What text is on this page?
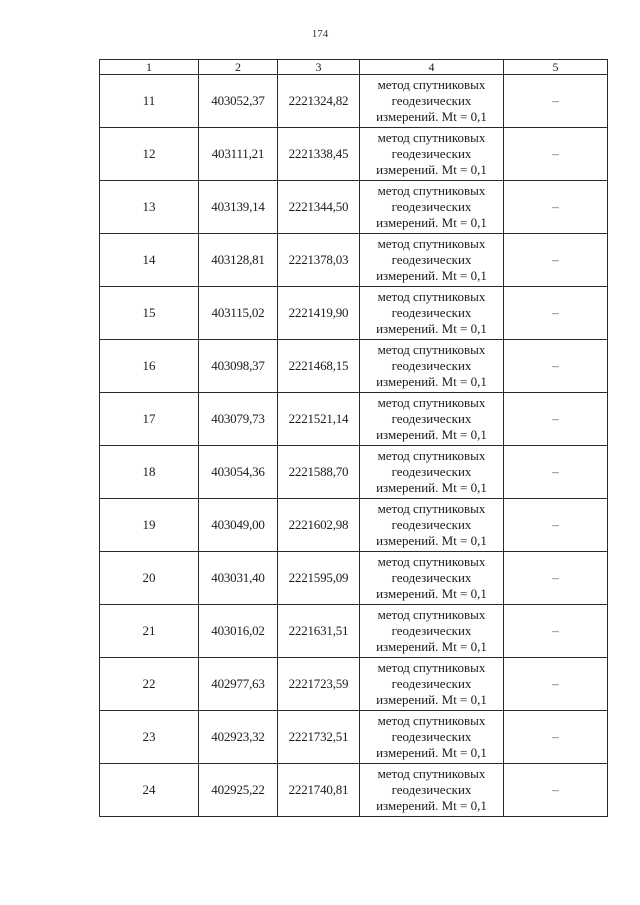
174
1	2	3	4	5
11	403052,37	2221324,82	метод спутниковых
геодезических
измерений. Mt = 0,1	–
12	403111,21	2221338,45	метод спутниковых
геодезических
измерений. Mt = 0,1	–
13	403139,14	2221344,50	метод спутниковых
геодезических
измерений. Mt = 0,1	–
14	403128,81	2221378,03	метод спутниковых
геодезических
измерений. Mt = 0,1	–
15	403115,02	2221419,90	метод спутниковых
геодезических
измерений. Mt = 0,1	–
16	403098,37	2221468,15	метод спутниковых
геодезических
измерений. Mt = 0,1	–
17	403079,73	2221521,14	метод спутниковых
геодезических
измерений. Mt = 0,1	–
18	403054,36	2221588,70	метод спутниковых
геодезических
измерений. Mt = 0,1	–
19	403049,00	2221602,98	метод спутниковых
геодезических
измерений. Mt = 0,1	–
20	403031,40	2221595,09	метод спутниковых
геодезических
измерений. Mt = 0,1	–
21	403016,02	2221631,51	метод спутниковых
геодезических
измерений. Mt = 0,1	–
22	402977,63	2221723,59	метод спутниковых
геодезических
измерений. Mt = 0,1	–
23	402923,32	2221732,51	метод спутниковых
геодезических
измерений. Mt = 0,1	–
24	402925,22	2221740,81	метод спутниковых
геодезических
измерений. Mt = 0,1	–
